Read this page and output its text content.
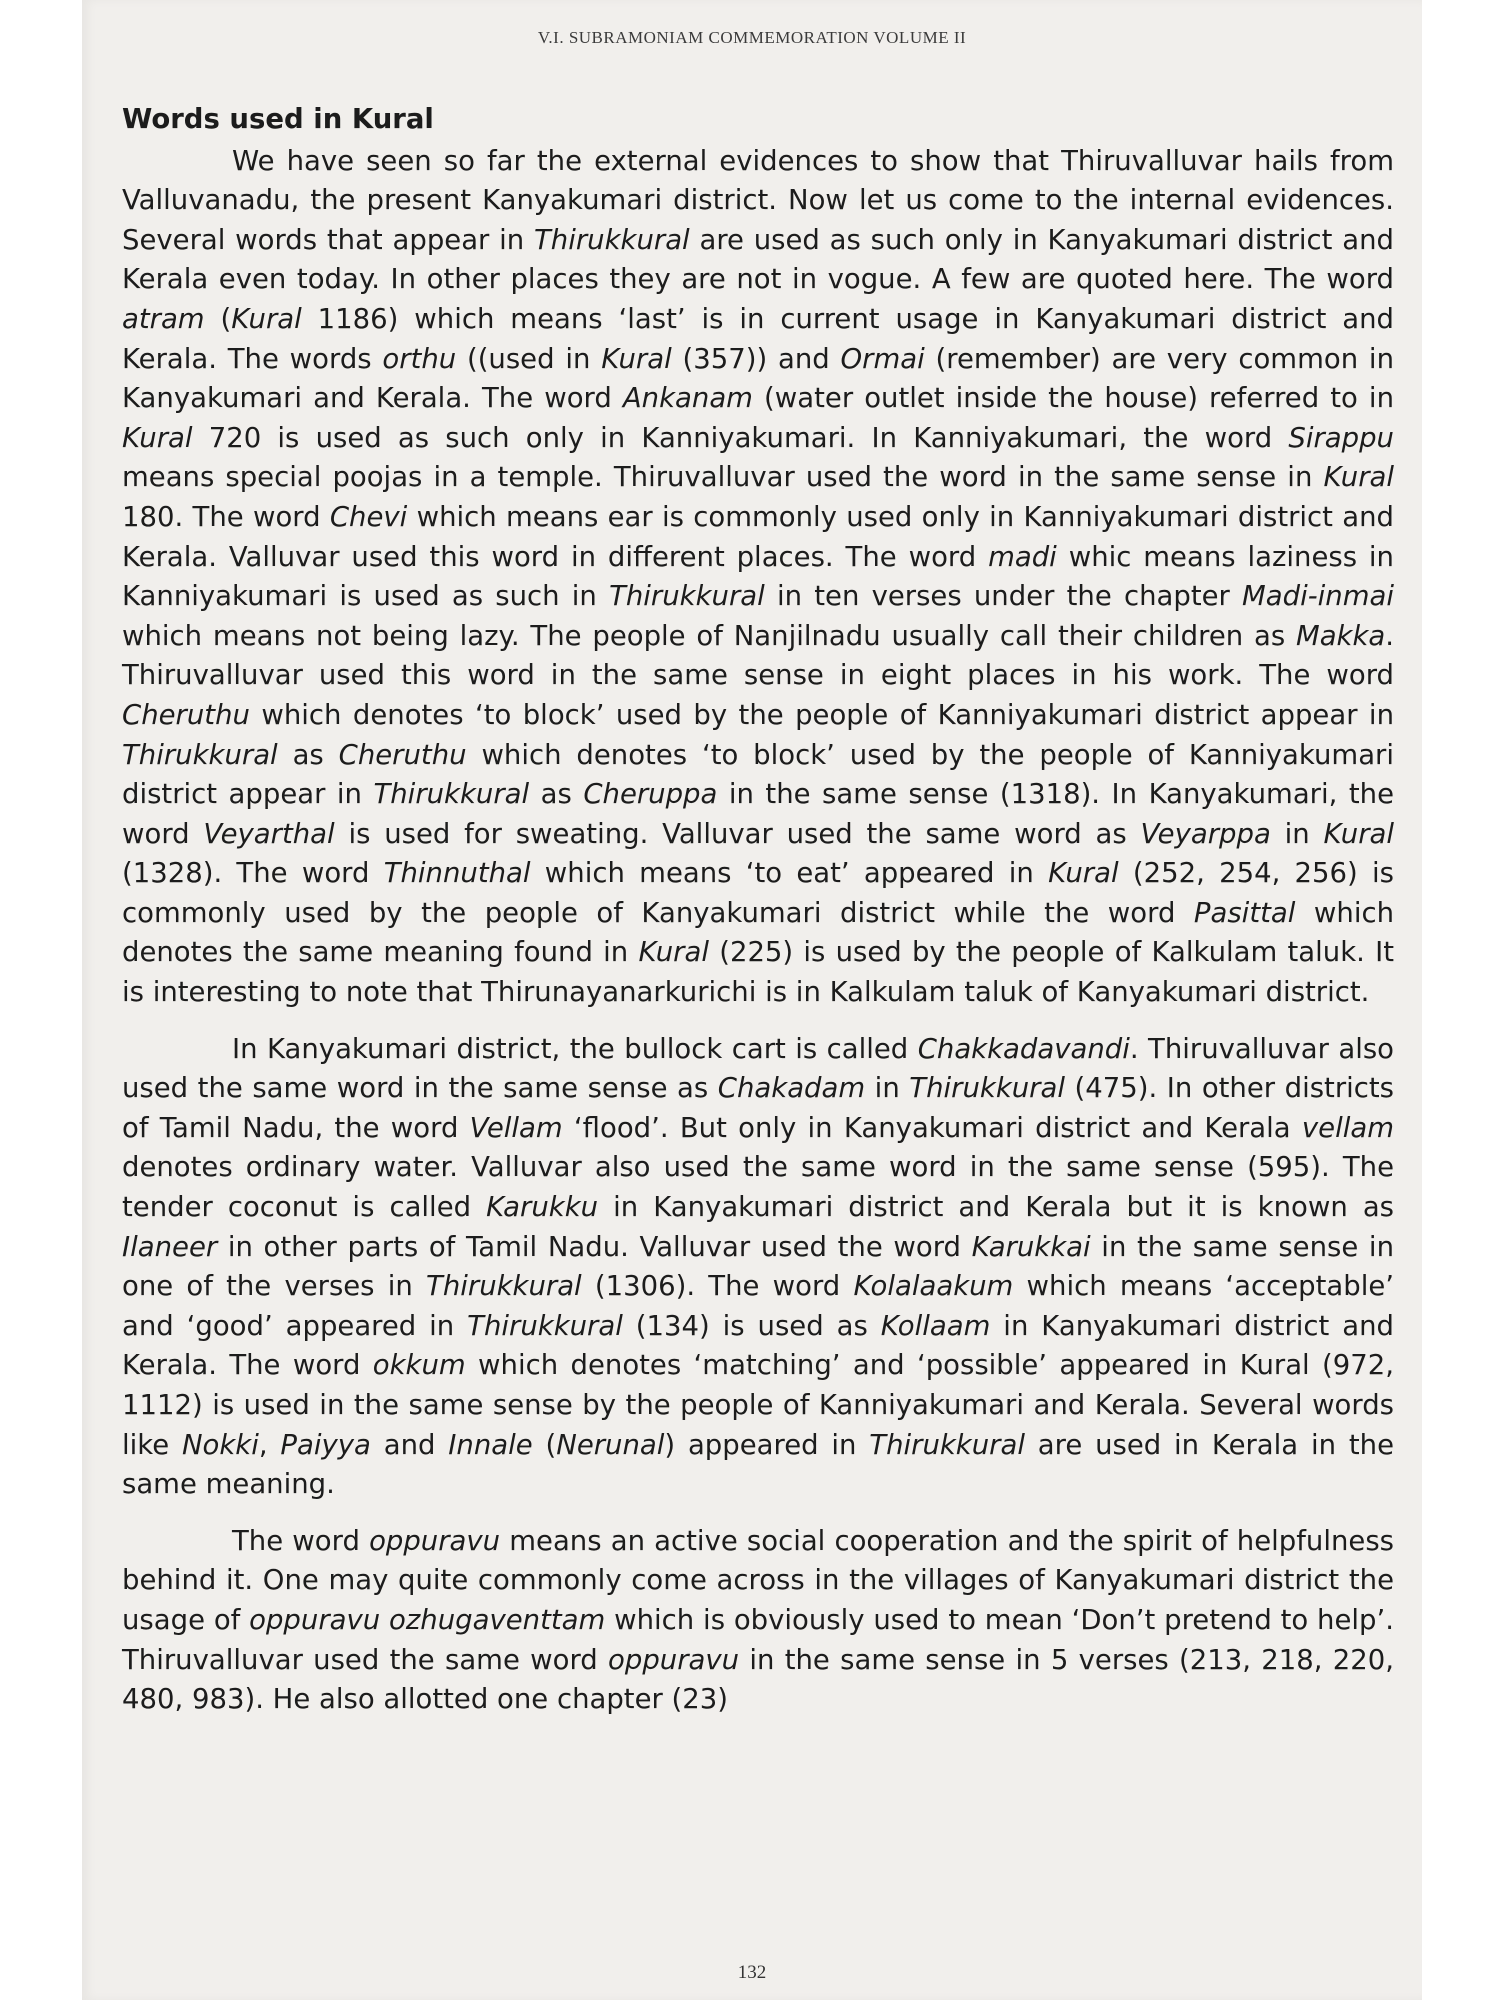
V.I. SUBRAMONIAM COMMEMORATION VOLUME II
Words used in Kural

We have seen so far the external evidences to show that Thiruvalluvar hails from Valluvanadu, the present Kanyakumari district. Now let us come to the internal evidences. Several words that appear in Thirukkural are used as such only in Kanyakumari district and Kerala even today. In other places they are not in vogue. A few are quoted here. The word atram (Kural 1186) which means ‘last’ is in current usage in Kanyakumari district and Kerala. The words orthu ((used in Kural (357)) and Ormai (remember) are very common in Kanyakumari and Kerala. The word Ankanam (water outlet inside the house) referred to in Kural 720 is used as such only in Kanniyakumari. In Kanniyakumari, the word Sirappu means special poojas in a temple. Thiruvalluvar used the word in the same sense in Kural 180. The word Chevi which means ear is commonly used only in Kanniyakumari district and Kerala. Valluvar used this word in different places. The word madi whic means laziness in Kanniyakumari is used as such in Thirukkural in ten verses under the chapter Madi-inmai which means not being lazy. The people of Nanjilnadu usually call their children as Makka. Thiruvalluvar used this word in the same sense in eight places in his work. The word Cheruthu which denotes ‘to block’ used by the people of Kanniyakumari district appear in Thirukkural as Cheruthu which denotes ‘to block’ used by the people of Kanniyakumari district appear in Thirukkural as Cheruppa in the same sense (1318). In Kanyakumari, the word Veyarthal is used for sweating. Valluvar used the same word as Veyarppa in Kural (1328). The word Thinnuthal which means ‘to eat’ appeared in Kural (252, 254, 256) is commonly used by the people of Kanyakumari district while the word Pasittal which denotes the same meaning found in Kural (225) is used by the people of Kalkulam taluk. It is interesting to note that Thirunayanarkurichi is in Kalkulam taluk of Kanyakumari district.

In Kanyakumari district, the bullock cart is called Chakkadavandi. Thiruvalluvar also used the same word in the same sense as Chakadam in Thirukkural (475). In other districts of Tamil Nadu, the word Vellam ‘flood’. But only in Kanyakumari district and Kerala vellam denotes ordinary water. Valluvar also used the same word in the same sense (595). The tender coconut is called Karukku in Kanyakumari district and Kerala but it is known as Ilaneer in other parts of Tamil Nadu. Valluvar used the word Karukkai in the same sense in one of the verses in Thirukkural (1306). The word Kolalaakum which means ‘acceptable’ and ‘good’ appeared in Thirukkural (134) is used as Kollaam in Kanyakumari district and Kerala. The word okkum which denotes ‘matching’ and ‘possible’ appeared in Kural (972, 1112) is used in the same sense by the people of Kanniyakumari and Kerala. Several words like Nokki, Paiyya and Innale (Nerunal) appeared in Thirukkural are used in Kerala in the same meaning.

The word oppuravu means an active social cooperation and the spirit of helpfulness behind it. One may quite commonly come across in the villages of Kanyakumari district the usage of oppuravu ozhugaventtam which is obviously used to mean ‘Don’t pretend to help’. Thiruvalluvar used the same word oppuravu in the same sense in 5 verses (213, 218, 220, 480, 983). He also allotted one chapter (23)

132
